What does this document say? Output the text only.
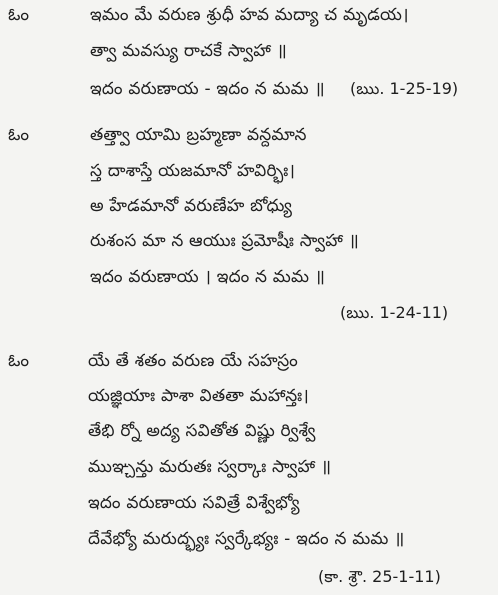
ఓం	ఇమం మే వరుణ శ్రుధీ హవ మద్యా చ మృడయ।
త్వా మవస్యు రాచకే స్వాహా ॥
ఇదం వరుణాయ - ఇదం న మమ ॥ (ఋ. 1-25-19)
ఓం	తత్త్వా యామి బ్రహ్మణా వన్దమాన
స్త దాశాస్తే యజమానో హవిర్భిః।
అ హేడమానో వరుణేహ బోధ్యు
రుశంస మా న ఆయుః ప్రమోషీః స్వాహా ॥
ఇదం వరుణాయ । ఇదం న మమ ॥
(ఋ. 1-24-11)
ఓం	యే తే శతం వరుణ యే సహస్రం
యజ్ఞియాః పాశా వితతా మహాన్తః।
తేభి ర్నో అద్య సవితోత విష్ణు ర్విశ్వే
ముఞ్చన్తు మరుతః స్వర్కాః స్వాహా ॥
ఇదం వరుణాయ సవిత్రే విశ్వేభ్యో
దేవేభ్యో మరుద్భ్యః స్వర్కేభ్యః - ఇదం న మమ ॥
(కా. శ్రౌ. 25-1-11)
